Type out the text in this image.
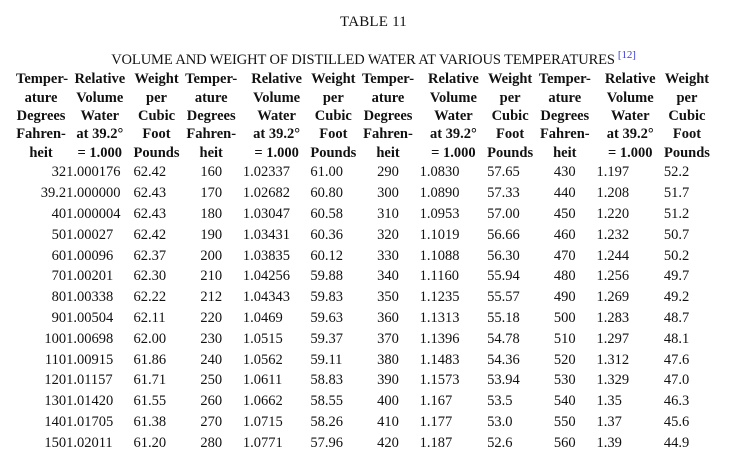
TABLE 11
VOLUME AND WEIGHT OF DISTILLED WATER AT VARIOUS TEMPERATURES [12]
Temper-	Relative	Weight	Temper-	Relative	Weight	Temper-	Relative	Weight	Temper-	Relative	Weight
ature	Volume	per	ature	Volume	per	ature	Volume	per	ature	Volume	per
Degrees	Water	Cubic	Degrees	Water	Cubic	Degrees	Water	Cubic	Degrees	Water	Cubic
Fahren-	at 39.2°	Foot	Fahren-	at 39.2°	Foot	Fahren-	at 39.2°	Foot	Fahren-	at 39.2°	Foot
heit	= 1.000	Pounds	heit	= 1.000	Pounds	heit	= 1.000	Pounds	heit	= 1.000	Pounds
32	1.000176	62.42	160	1.02337	61.00	290	1.0830	57.65	430	1.197	52.2
39.2	1.000000	62.43	170	1.02682	60.80	300	1.0890	57.33	440	1.208	51.7
40	1.000004	62.43	180	1.03047	60.58	310	1.0953	57.00	450	1.220	51.2
50	1.00027	62.42	190	1.03431	60.36	320	1.1019	56.66	460	1.232	50.7
60	1.00096	62.37	200	1.03835	60.12	330	1.1088	56.30	470	1.244	50.2
70	1.00201	62.30	210	1.04256	59.88	340	1.1160	55.94	480	1.256	49.7
80	1.00338	62.22	212	1.04343	59.83	350	1.1235	55.57	490	1.269	49.2
90	1.00504	62.11	220	1.0469	59.63	360	1.1313	55.18	500	1.283	48.7
100	1.00698	62.00	230	1.0515	59.37	370	1.1396	54.78	510	1.297	48.1
110	1.00915	61.86	240	1.0562	59.11	380	1.1483	54.36	520	1.312	47.6
120	1.01157	61.71	250	1.0611	58.83	390	1.1573	53.94	530	1.329	47.0
130	1.01420	61.55	260	1.0662	58.55	400	1.167	53.5	540	1.35	46.3
140	1.01705	61.38	270	1.0715	58.26	410	1.177	53.0	550	1.37	45.6
150	1.02011	61.20	280	1.0771	57.96	420	1.187	52.6	560	1.39	44.9
